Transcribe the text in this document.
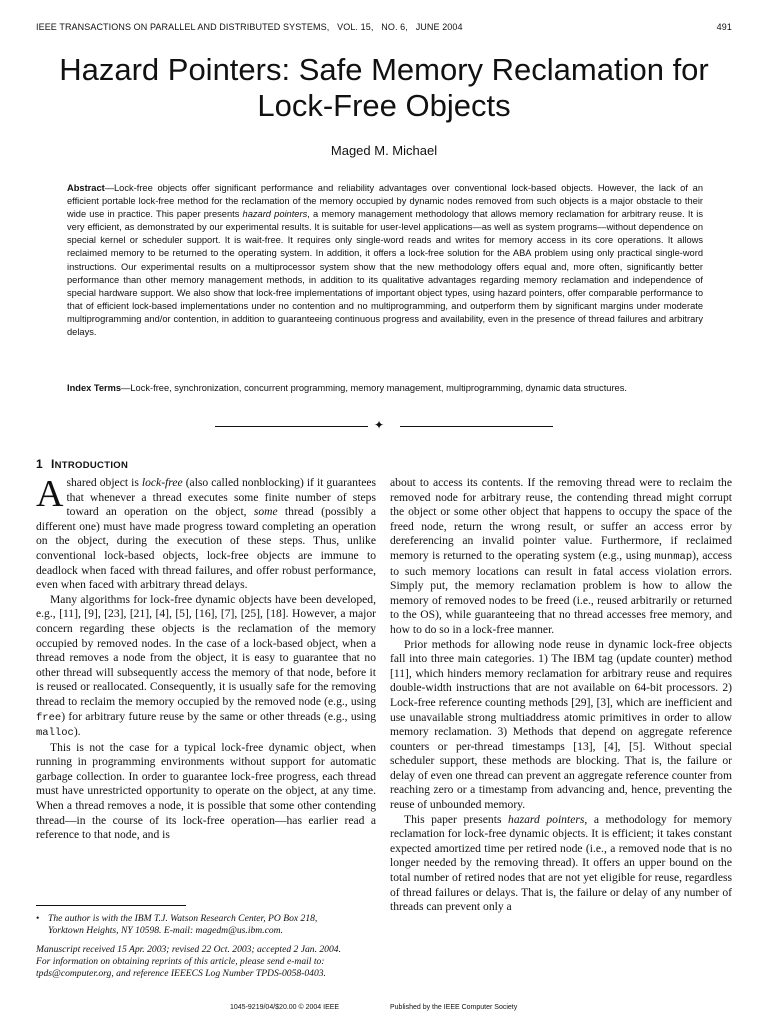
IEEE TRANSACTIONS ON PARALLEL AND DISTRIBUTED SYSTEMS, VOL. 15, NO. 6, JUNE 2004	491
Hazard Pointers: Safe Memory Reclamation for
Lock-Free Objects
Maged M. Michael

Abstract—Lock-free objects offer significant performance and reliability advantages over conventional lock-based objects. However, the lack of an efficient portable lock-free method for the reclamation of the memory occupied by dynamic nodes removed from such objects is a major obstacle to their wide use in practice. This paper presents hazard pointers, a memory management methodology that allows memory reclamation for arbitrary reuse. It is very efficient, as demonstrated by our experimental results. It is suitable for user-level applications—as well as system programs—without dependence on special kernel or scheduler support. It is wait-free. It requires only single-word reads and writes for memory access in its core operations. It allows reclaimed memory to be returned to the operating system. In addition, it offers a lock-free solution for the ABA problem using only practical single-word instructions. Our experimental results on a multiprocessor system show that the new methodology offers equal and, more often, significantly better performance than other memory management methods, in addition to its qualitative advantages regarding memory reclamation and independence of special hardware support. We also show that lock-free implementations of important object types, using hazard pointers, offer comparable performance to that of efficient lock-based implementations under no contention and no multiprogramming, and outperform them by significant margins under moderate multiprogramming and/or contention, in addition to guaranteeing continuous progress and availability, even in the presence of thread failures and arbitrary delays.

Index Terms—Lock-free, synchronization, concurrent programming, memory management, multiprogramming, dynamic data structures.

✦
1 INTRODUCTION

A shared object is lock-free (also called nonblocking) if it guarantees that whenever a thread executes some finite number of steps toward an operation on the object, some thread (possibly a different one) must have made progress toward completing an operation on the object, during the execution of these steps. Thus, unlike conventional lock-based objects, lock-free objects are immune to deadlock when faced with thread failures, and offer robust performance, even when faced with arbitrary thread delays.

Many algorithms for lock-free dynamic objects have been developed, e.g., [11], [9], [23], [21], [4], [5], [16], [7], [25], [18]. However, a major concern regarding these objects is the reclamation of the memory occupied by removed nodes. In the case of a lock-based object, when a thread removes a node from the object, it is easy to guarantee that no other thread will subsequently access the memory of that node, before it is reused or reallocated. Consequently, it is usually safe for the removing thread to reclaim the memory occupied by the removed node (e.g., using free) for arbitrary future reuse by the same or other threads (e.g., using malloc).

This is not the case for a typical lock-free dynamic object, when running in programming environments without support for automatic garbage collection. In order to guarantee lock-free progress, each thread must have unrestricted opportunity to operate on the object, at any time. When a thread removes a node, it is possible that some other contending thread—in the course of its lock-free operation—has earlier read a reference to that node, and is

about to access its contents. If the removing thread were to reclaim the removed node for arbitrary reuse, the contending thread might corrupt the object or some other object that happens to occupy the space of the freed node, return the wrong result, or suffer an access error by dereferencing an invalid pointer value. Furthermore, if reclaimed memory is returned to the operating system (e.g., using munmap), access to such memory locations can result in fatal access violation errors. Simply put, the memory reclamation problem is how to allow the memory of removed nodes to be freed (i.e., reused arbitrarily or returned to the OS), while guaranteeing that no thread accesses free memory, and how to do so in a lock-free manner.

Prior methods for allowing node reuse in dynamic lock-free objects fall into three main categories. 1) The IBM tag (update counter) method [11], which hinders memory reclamation for arbitrary reuse and requires double-width instructions that are not available on 64-bit processors. 2) Lock-free reference counting methods [29], [3], which are inefficient and use unavailable strong multiaddress atomic primitives in order to allow memory reclamation. 3) Methods that depend on aggregate reference counters or per-thread timestamps [13], [4], [5]. Without special scheduler support, these methods are blocking. That is, the failure or delay of even one thread can prevent an aggregate reference counter from reaching zero or a timestamp from advancing and, hence, preventing the reuse of unbounded memory.

This paper presents hazard pointers, a methodology for memory reclamation for lock-free dynamic objects. It is efficient; it takes constant expected amortized time per retired node (i.e., a removed node that is no longer needed by the removing thread). It offers an upper bound on the total number of retired nodes that are not yet eligible for reuse, regardless of thread failures or delays. That is, the failure or delay of any number of threads can prevent only a

• The author is with the IBM T.J. Watson Research Center, PO Box 218,
Yorktown Heights, NY 10598. E-mail: magedm@us.ibm.com.

Manuscript received 15 Apr. 2003; revised 22 Oct. 2003; accepted 2 Jan. 2004.
For information on obtaining reprints of this article, please send e-mail to:
tpds@computer.org, and reference IEEECS Log Number TPDS-0058-0403.

1045-9219/04/$20.00 © 2004 IEEE	Published by the IEEE Computer Society
